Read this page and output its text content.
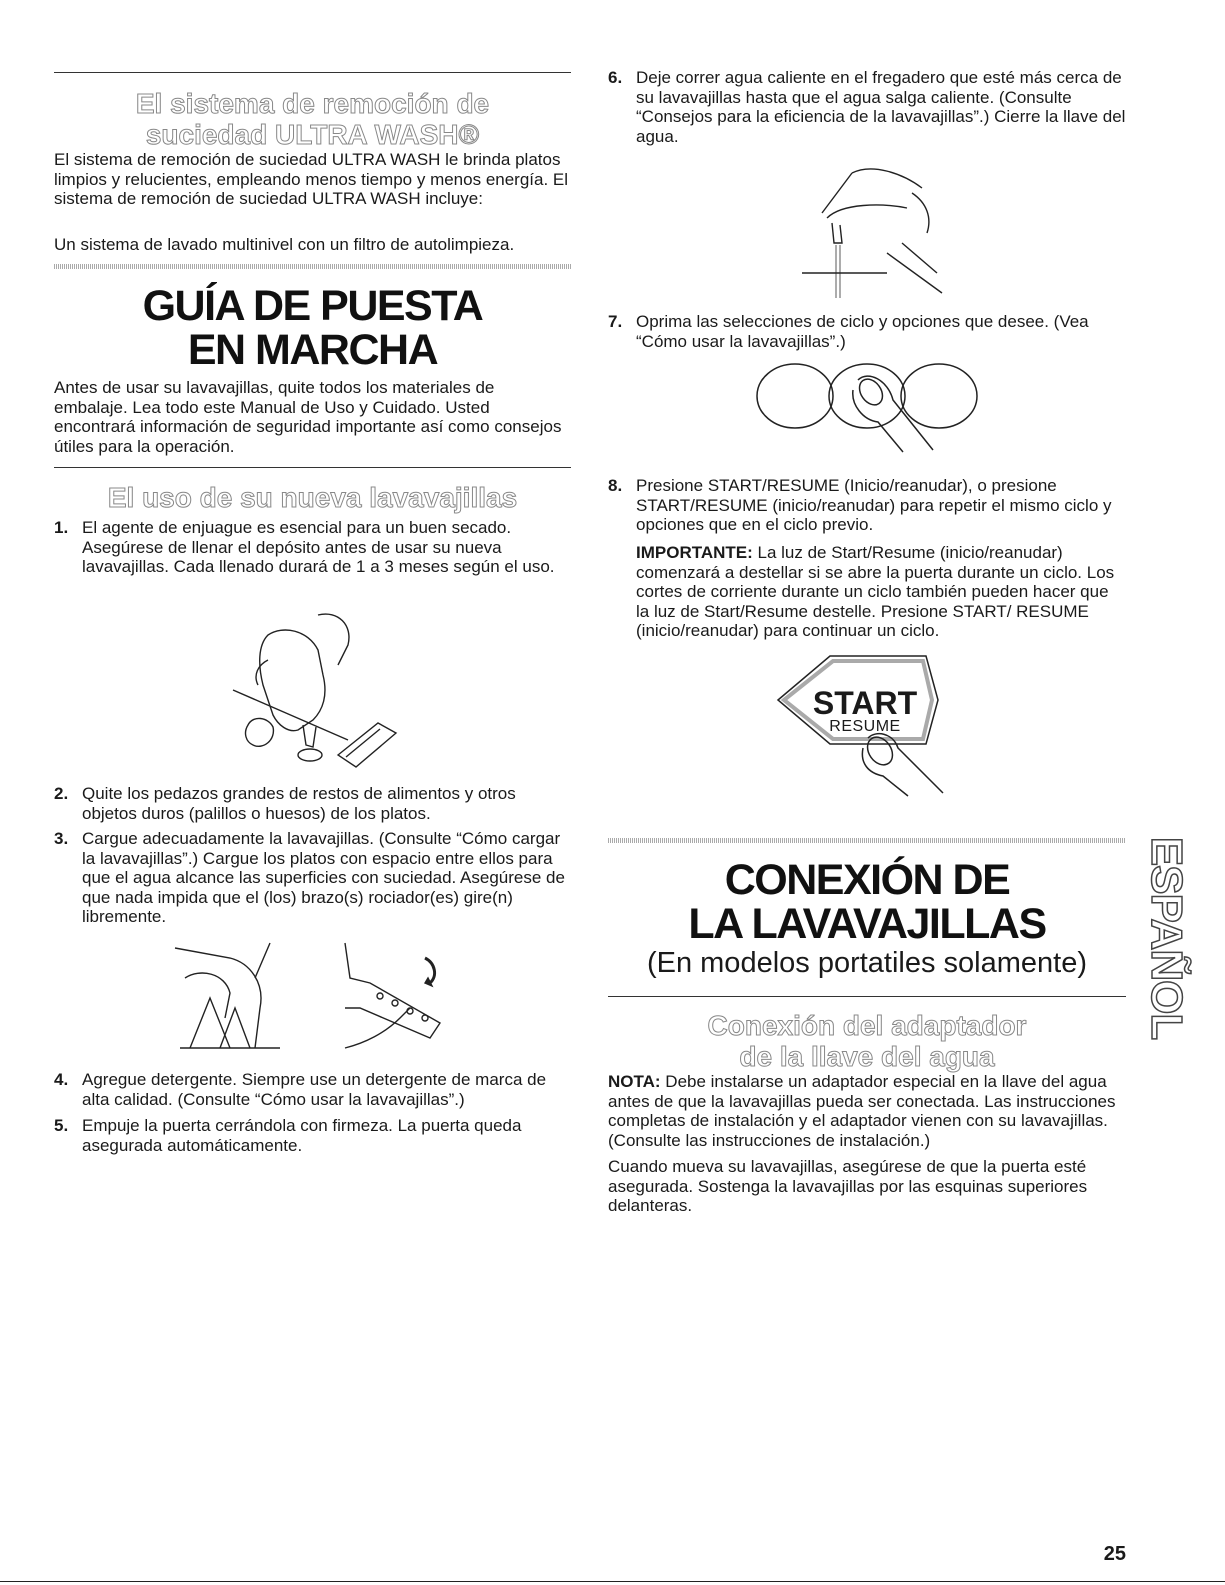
El sistema de remoción de

suciedad ULTRA WASH®

El sistema de remoción de suciedad ULTRA WASH le brinda platos limpios y relucientes, empleando menos tiempo y menos energía. El sistema de remoción de suciedad ULTRA WASH incluye:

Un sistema de lavado multinivel con un filtro de autolimpieza.

GUÍA DE PUESTA

EN MARCHA

Antes de usar su lavavajillas, quite todos los materiales de embalaje. Lea todo este Manual de Uso y Cuidado. Usted encontrará información de seguridad importante así como consejos útiles para la operación.

El uso de su nueva lavavajillas

1. El agente de enjuague es esencial para un buen secado. Asegúrese de llenar el depósito antes de usar su nueva lavavajillas. Cada llenado durará de 1 a 3 meses según el uso.

2. Quite los pedazos grandes de restos de alimentos y otros objetos duros (palillos o huesos) de los platos.

3. Cargue adecuadamente la lavavajillas. (Consulte “Cómo cargar la lavavajillas”.) Cargue los platos con espacio entre ellos para que el agua alcance las superficies con suciedad. Asegúrese de que nada impida que el (los) brazo(s) rociador(es) gire(n) libremente.

4. Agregue detergente. Siempre use un detergente de marca de alta calidad. (Consulte “Cómo usar la lavavajillas”.)

5. Empuje la puerta cerrándola con firmeza. La puerta queda asegurada automáticamente.

6. Deje correr agua caliente en el fregadero que esté más cerca de su lavavajillas hasta que el agua salga caliente. (Consulte “Consejos para la eficiencia de la lavavajillas”.) Cierre la llave del agua.

7. Oprima las selecciones de ciclo y opciones que desee. (Vea “Cómo usar la lavavajillas”.)

8. Presione START/RESUME (Inicio/reanudar), o presione START/RESUME (inicio/reanudar) para repetir el mismo ciclo y opciones que en el ciclo previo.

IMPORTANTE: La luz de Start/Resume (inicio/reanudar) comenzará a destellar si se abre la puerta durante un ciclo. Los cortes de corriente durante un ciclo también pueden hacer que la luz de Start/Resume destelle. Presione START/ RESUME (inicio/reanudar) para continuar un ciclo.

START
RESUME

CONEXIÓN DE

LA LAVAVAJILLAS

(En modelos portatiles solamente)

Conexión del adaptador

de la llave del agua

NOTA: Debe instalarse un adaptador especial en la llave del agua antes de que la lavavajillas pueda ser conectada. Las instrucciones completas de instalación y el adaptador vienen con su lavavajillas. (Consulte las instrucciones de instalación.)

Cuando mueva su lavavajillas, asegúrese de que la puerta esté asegurada. Sostenga la lavavajillas por las esquinas superiores delanteras.

ESPAÑOL
25
